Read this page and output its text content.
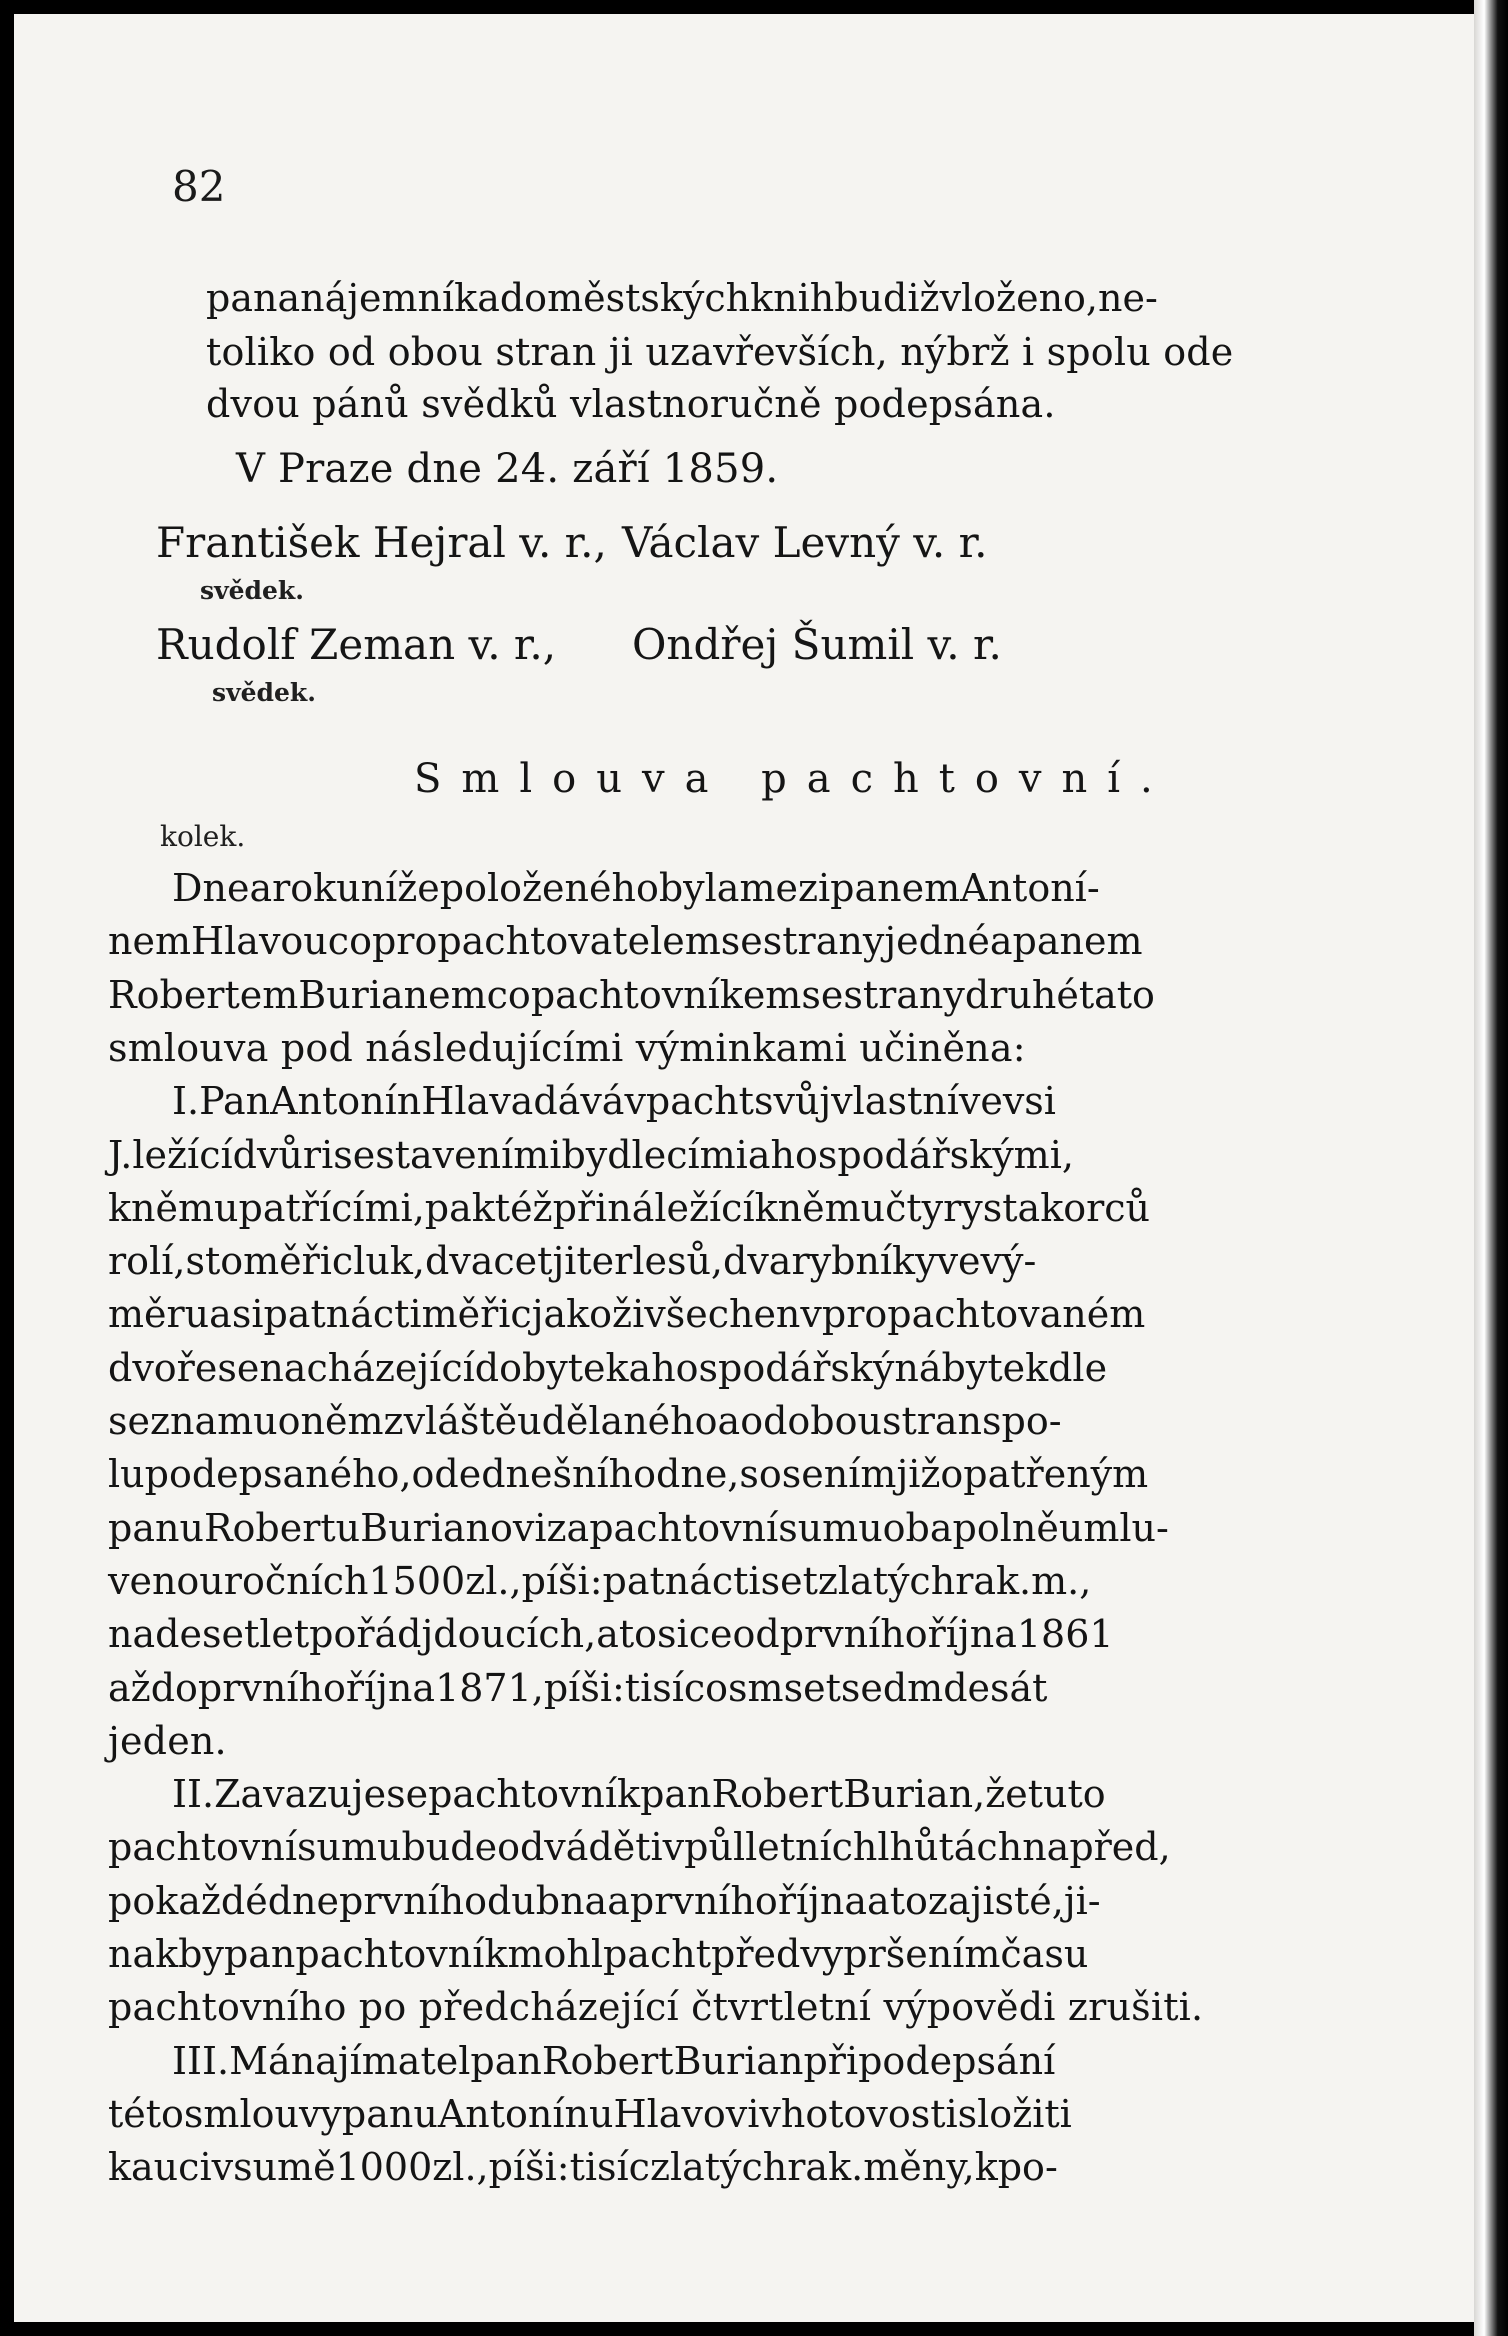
82
pana nájemníka do městských knih budiž vloženo, ne-
toliko od obou stran ji uzavřevších, nýbrž i spolu ode
dvou pánů svědků vlastnoručně podepsána.
V Praze dne 24. září 1859.
František Hejral v. r.,
svědek.
Rudolf Zeman v. r.,
svědek.
Václav Levný v. r.
Ondřej Šumil v. r.
Smlouva pachtovní.
kolek.
Dne a roku níže položeného byla mezi panem Antoní-
nem Hlavou co propachtovatelem se strany jedné a panem
Robertem Burianem co pachtovníkem se strany druhé tato
smlouva pod následujícími výminkami učiněna:
I. Pan Antonín Hlava dává v pacht svůj vlastní ve vsi
J. ležící dvůr i se staveními bydlecími a hospodářskými,
k němu patřícími, pak též přináležící k němu čtyry sta korců
rolí, sto měřic luk, dvacet jiter lesů, dva rybníky ve vý-
měru asi patnácti měřic jakož i všechen v propachtovaném
dvoře se nacházející dobytek a hospodářský nábytek dle
seznamu o něm zvláště udělaného a od obou stran spo-
lupodepsaného, ode dnešního dne, s osením již opatřeným
panu Robertu Burianovi za pachtovní sumu obapolně umlu-
venou ročních 1500 zl., píši: patnácti set zlatých rak. m.,
na deset let pořád jdoucích, a to sice od prvního října 1861
až do prvního října 1871, píši: tisíc osm set sedmdesát
jeden.
II. Zavazuje se pachtovník pan Robert Burian, že tuto
pachtovní sumu bude odváděti v půlletních lhůtách napřed,
po každé dne prvního dubna a prvního října a to zajisté, ji-
nak by pan pachtovník mohl pacht před vypršením času
pachtovního po předcházející čtvrtletní výpovědi zrušiti.
III. Má najímatel pan Robert Burian při podepsání
této smlouvy panu Antonínu Hlavovi v hotovosti složiti
kauci v sumě 1000 zl., píši: tisíc zlatých rak. měny, k po-
